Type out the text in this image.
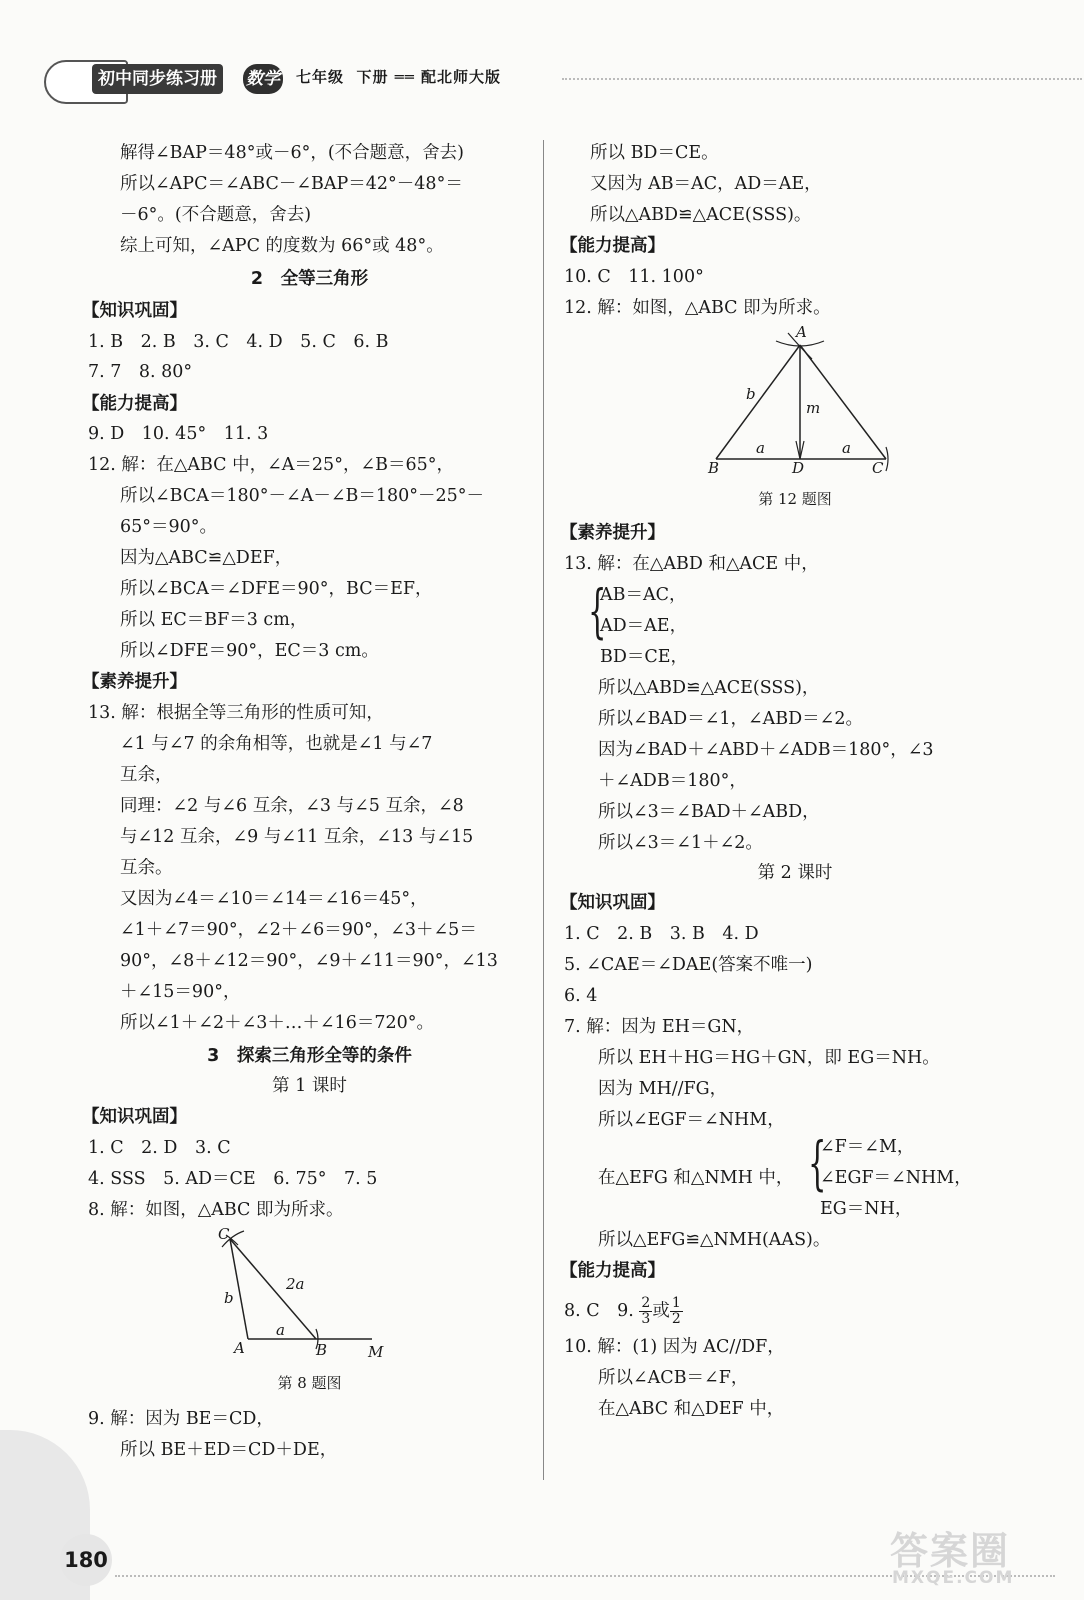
初中同步练习册	数学 七年级  下册 ══ 配北师大版
解得∠BAP＝48°或－6°，(不合题意，舍去)
所以∠APC＝∠ABC－∠BAP＝42°－48°＝
－6°。(不合题意，舍去)
综上可知，∠APC 的度数为 66°或 48°。
2　全等三角形
【知识巩固】
1. B　2. B　3. C　4. D　5. C　6. B
7. 7　8. 80°
【能力提高】
9. D　10. 45°　11. 3
12. 解：在△ABC 中，∠A＝25°，∠B＝65°，
所以∠BCA＝180°－∠A－∠B＝180°－25°－
65°＝90°。
因为△ABC≌△DEF，
所以∠BCA＝∠DFE＝90°，BC＝EF，
所以 EC＝BF＝3 cm，
所以∠DFE＝90°，EC＝3 cm。
【素养提升】
13. 解：根据全等三角形的性质可知，
∠1 与∠7 的余角相等，也就是∠1 与∠7
互余，
同理：∠2 与∠6 互余，∠3 与∠5 互余，∠8
与∠12 互余，∠9 与∠11 互余，∠13 与∠15
互余。
又因为∠4＝∠10＝∠14＝∠16＝45°，
∠1＋∠7＝90°，∠2＋∠6＝90°，∠3＋∠5＝
90°，∠8＋∠12＝90°，∠9＋∠11＝90°，∠13
＋∠15＝90°，
所以∠1＋∠2＋∠3＋…＋∠16＝720°。
3　探索三角形全等的条件
第 1 课时
【知识巩固】
1. C　2. D　3. C
4. SSS　5. AD＝CE　6. 75°　7. 5
8. 解：如图，△ABC 即为所求。
C
b
2a
A
a
B	M
第 8 题图
9. 解：因为 BE＝CD，
所以 BE＋ED＝CD＋DE，
所以 BD＝CE。
又因为 AB＝AC，AD＝AE，
所以△ABD≌△ACE(SSS)。
【能力提高】
10. C　11. 100°
12. 解：如图，△ABC 即为所求。
A
b
m
B
a
D
a
C
第 12 题图
【素养提升】
13. 解：在△ABD 和△ACE 中，
{
AB＝AC，
AD＝AE，
BD＝CE，
所以△ABD≌△ACE(SSS)，
所以∠BAD＝∠1，∠ABD＝∠2。
因为∠BAD＋∠ABD＋∠ADB＝180°，∠3
＋∠ADB＝180°，
所以∠3＝∠BAD＋∠ABD，
所以∠3＝∠1＋∠2。
第 2 课时
【知识巩固】
1. C　2. B　3. B　4. D
5. ∠CAE＝∠DAE(答案不唯一)
6. 4
7. 解：因为 EH＝GN，
所以 EH＋HG＝HG＋GN，即 EG＝NH。
因为 MH//FG，
所以∠EGF＝∠NHM，
{
∠F＝∠M，
在△EFG 和△NMH 中， ∠EGF＝∠NHM，
EG＝NH，
所以△EFG≌△NMH(AAS)。
【能力提高】
8. C　9. $\frac{2}{3}$ 或 $\frac{1}{2}$
10. 解：(1) 因为 AC//DF，
所以∠ACB＝∠F，
在△ABC 和△DEF 中，
180	答案圈
MXQE.COM
